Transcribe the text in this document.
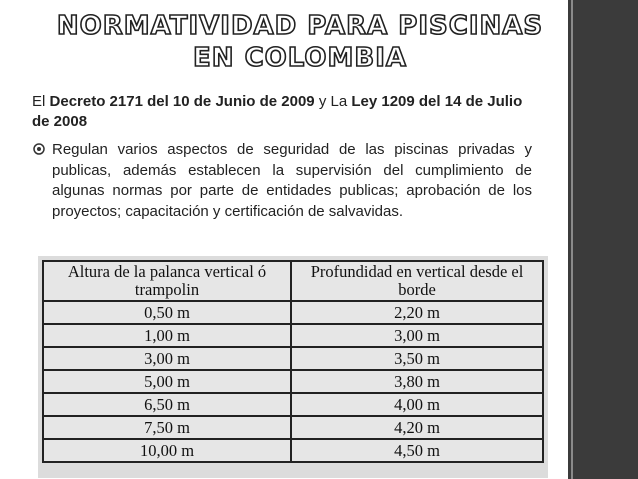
NORMATIVIDAD PARA PISCINAS EN COLOMBIA
El Decreto 2171 del 10 de Junio de 2009 y La Ley 1209 del 14 de Julio de 2008
Regulan varios aspectos de seguridad de las piscinas privadas y publicas, además establecen la supervisión del cumplimiento de algunas normas por parte de entidades publicas; aprobación de los proyectos; capacitación y certificación de salvavidas.
Altura de la palanca vertical ó trampolin	Profundidad en vertical desde el borde
0,50 m	2,20 m
1,00 m	3,00 m
3,00 m	3,50 m
5,00 m	3,80 m
6,50 m	4,00 m
7,50 m	4,20 m
10,00 m	4,50 m
